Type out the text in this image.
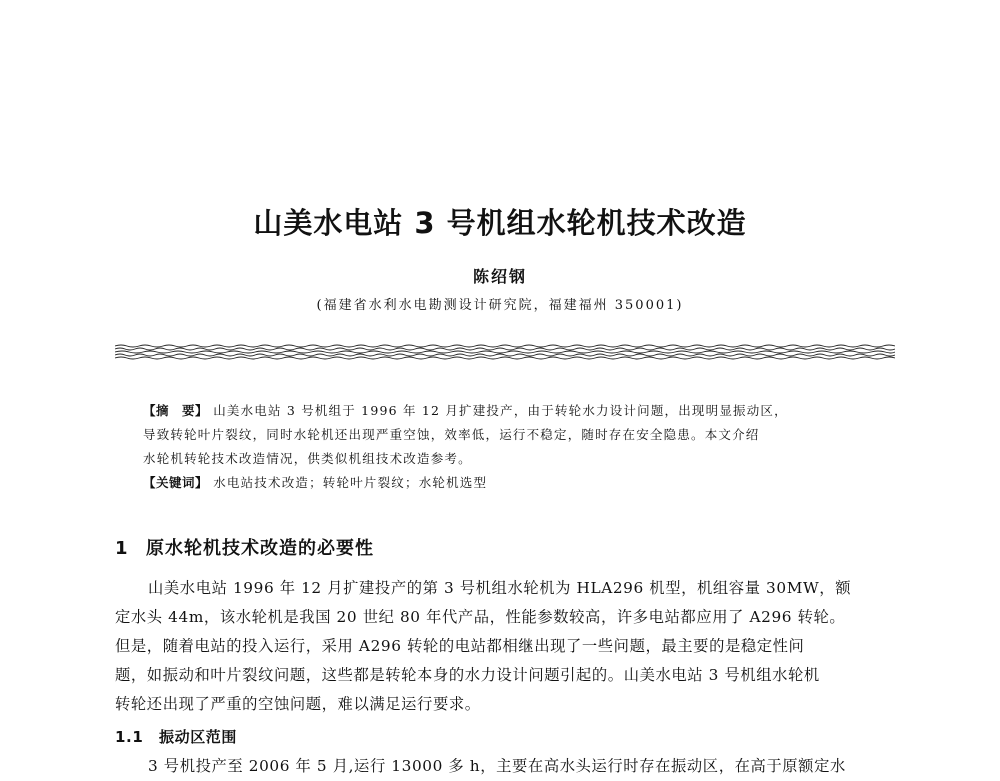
山美水电站 3 号机组水轮机技术改造
陈绍钢
(福建省水利水电勘测设计研究院，福建福州 350001)

【摘　要】 山美水电站 3 号机组于 1996 年 12 月扩建投产，由于转轮水力设计问题，出现明显振动区，

导致转轮叶片裂纹，同时水轮机还出现严重空蚀，效率低，运行不稳定，随时存在安全隐患。本文介绍

水轮机转轮技术改造情况，供类似机组技术改造参考。

【关键词】 水电站技术改造；转轮叶片裂纹；水轮机选型

1 原水轮机技术改造的必要性

山美水电站 1996 年 12 月扩建投产的第 3 号机组水轮机为 HLA296 机型，机组容量 30MW，额

定水头 44m，该水轮机是我国 20 世纪 80 年代产品，性能参数较高，许多电站都应用了 A296 转轮。

但是，随着电站的投入运行，采用 A296 转轮的电站都相继出现了一些问题，最主要的是稳定性问

题，如振动和叶片裂纹问题，这些都是转轮本身的水力设计问题引起的。山美水电站 3 号机组水轮机

转轮还出现了严重的空蚀问题，难以满足运行要求。

1.1 振动区范围
3 号机投产至 2006 年 5 月,运行 13000 多 h，主要在高水头运行时存在振动区，在高于原额定水
